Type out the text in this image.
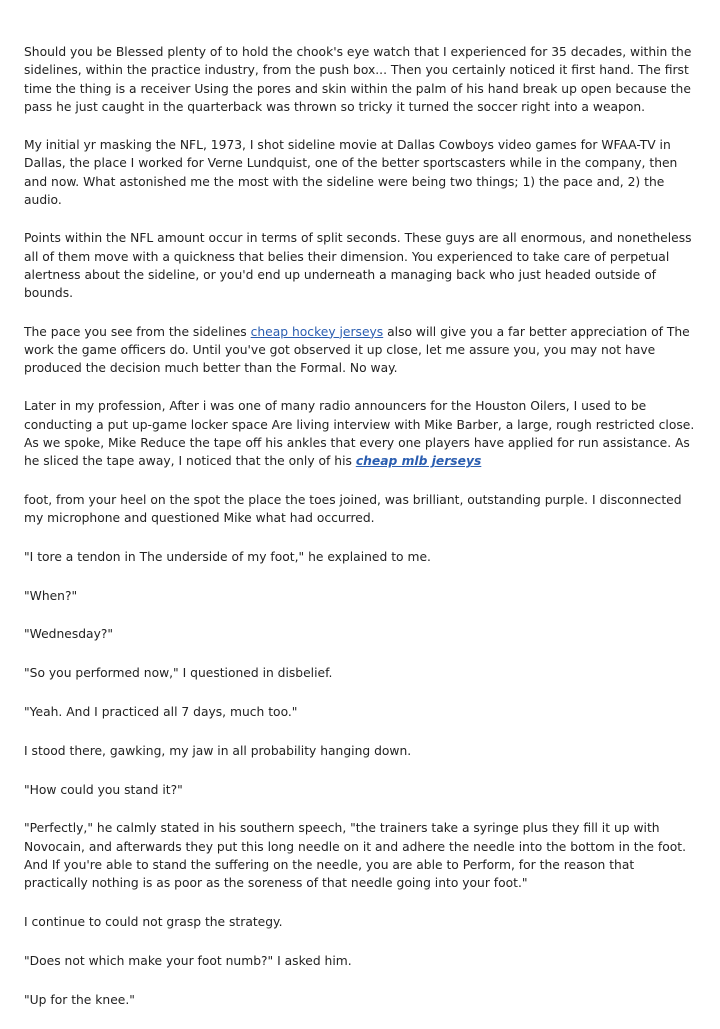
Should you be Blessed plenty of to hold the chook's eye watch that I experienced for 35 decades, within the sidelines, within the practice industry, from the push box... Then you certainly noticed it first hand. The first time the thing is a receiver Using the pores and skin within the palm of his hand break up open because the pass he just caught in the quarterback was thrown so tricky it turned the soccer right into a weapon.

My initial yr masking the NFL, 1973, I shot sideline movie at Dallas Cowboys video games for WFAA-TV in Dallas, the place I worked for Verne Lundquist, one of the better sportscasters while in the company, then and now. What astonished me the most with the sideline were being two things; 1) the pace and, 2) the audio.

Points within the NFL amount occur in terms of split seconds. These guys are all enormous, and nonetheless all of them move with a quickness that belies their dimension. You experienced to take care of perpetual alertness about the sideline, or you'd end up underneath a managing back who just headed outside of bounds.

The pace you see from the sidelines cheap hockey jerseys also will give you a far better appreciation of The work the game officers do. Until you've got observed it up close, let me assure you, you may not have produced the decision much better than the Formal. No way.

Later in my profession, After i was one of many radio announcers for the Houston Oilers, I used to be conducting a put up-game locker space Are living interview with Mike Barber, a large, rough restricted close. As we spoke, Mike Reduce the tape off his ankles that every one players have applied for run assistance. As he sliced the tape away, I noticed that the only of his cheap mlb jerseys

foot, from your heel on the spot the place the toes joined, was brilliant, outstanding purple. I disconnected my microphone and questioned Mike what had occurred.

"I tore a tendon in The underside of my foot," he explained to me.

"When?"

"Wednesday?"

"So you performed now," I questioned in disbelief.

"Yeah. And I practiced all 7 days, much too."

I stood there, gawking, my jaw in all probability hanging down.

"How could you stand it?"

"Perfectly," he calmly stated in his southern speech, "the trainers take a syringe plus they fill it up with Novocain, and afterwards they put this long needle on it and adhere the needle into the bottom in the foot. And If you're able to stand the suffering on the needle, you are able to Perform, for the reason that practically nothing is as poor as the soreness of that needle going into your foot."

I continue to could not grasp the strategy.

"Does not which make your foot numb?" I asked him.

"Up for the knee."
